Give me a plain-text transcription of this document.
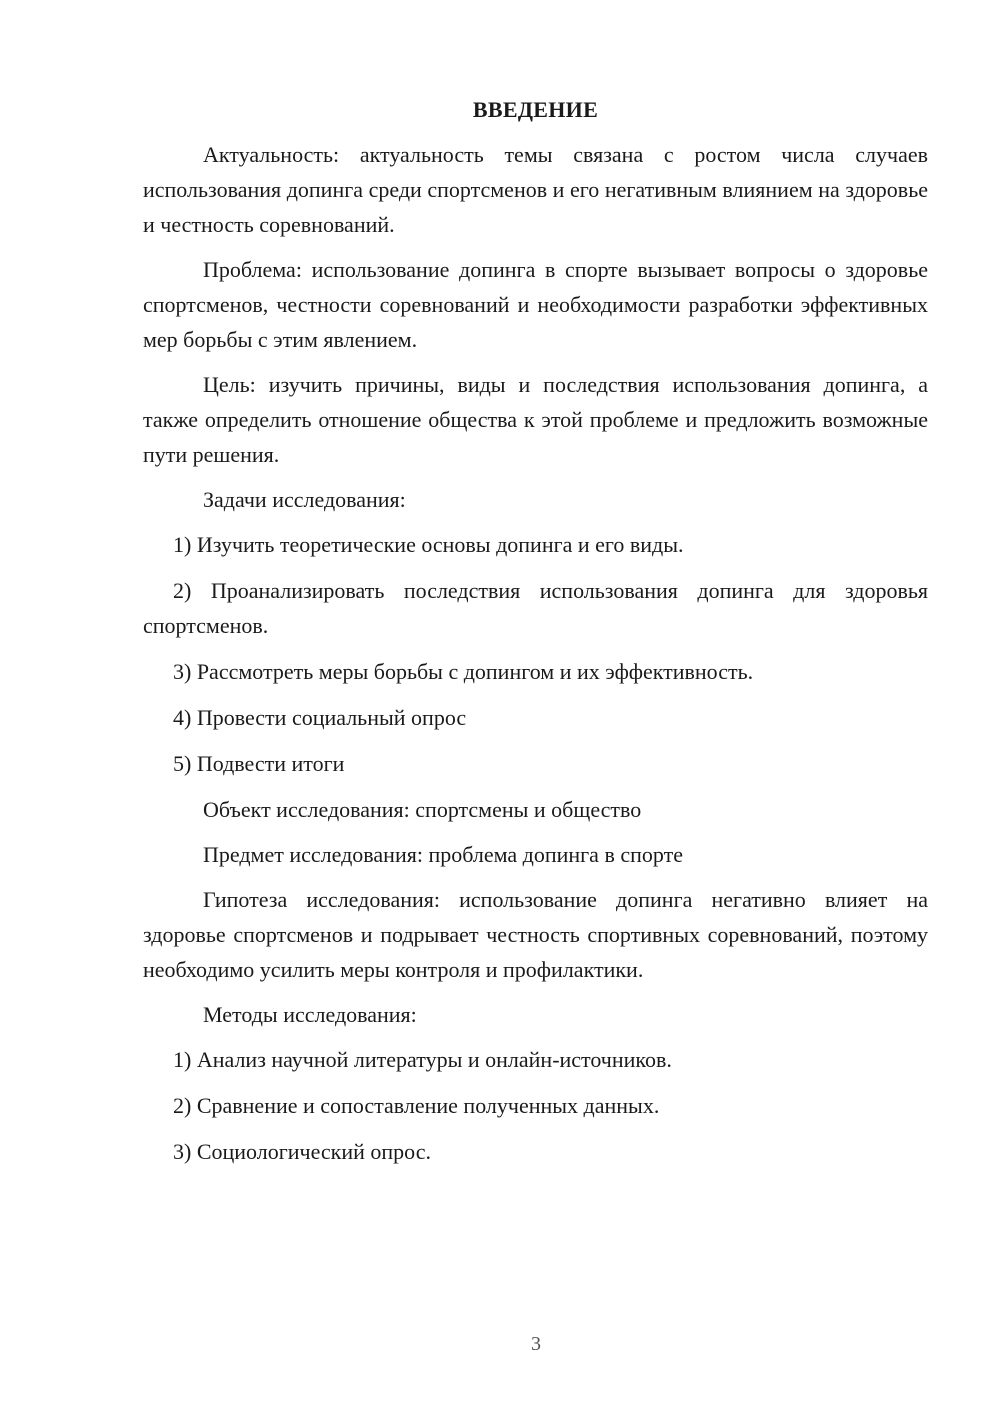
ВВЕДЕНИЕ

Актуальность: актуальность темы связана с ростом числа случаев использования допинга среди спортсменов и его негативным влиянием на здоровье и честность соревнований.

Проблема: использование допинга в спорте вызывает вопросы о здоровье спортсменов, честности соревнований и необходимости разработки эффективных мер борьбы с этим явлением.

Цель: изучить причины, виды и последствия использования допинга, а также определить отношение общества к этой проблеме и предложить возможные пути решения.

Задачи исследования:

1) Изучить теоретические основы допинга и его виды.

2) Проанализировать последствия использования допинга для здоровья спортсменов.

3) Рассмотреть меры борьбы с допингом и их эффективность.

4) Провести социальный опрос

5) Подвести итоги

Объект исследования: спортсмены и общество

Предмет исследования: проблема допинга в спорте

Гипотеза исследования: использование допинга негативно влияет на здоровье спортсменов и подрывает честность спортивных соревнований, поэтому необходимо усилить меры контроля и профилактики.

Методы исследования:

1) Анализ научной литературы и онлайн-источников.

2) Сравнение и сопоставление полученных данных.

3) Социологический опрос.

3
